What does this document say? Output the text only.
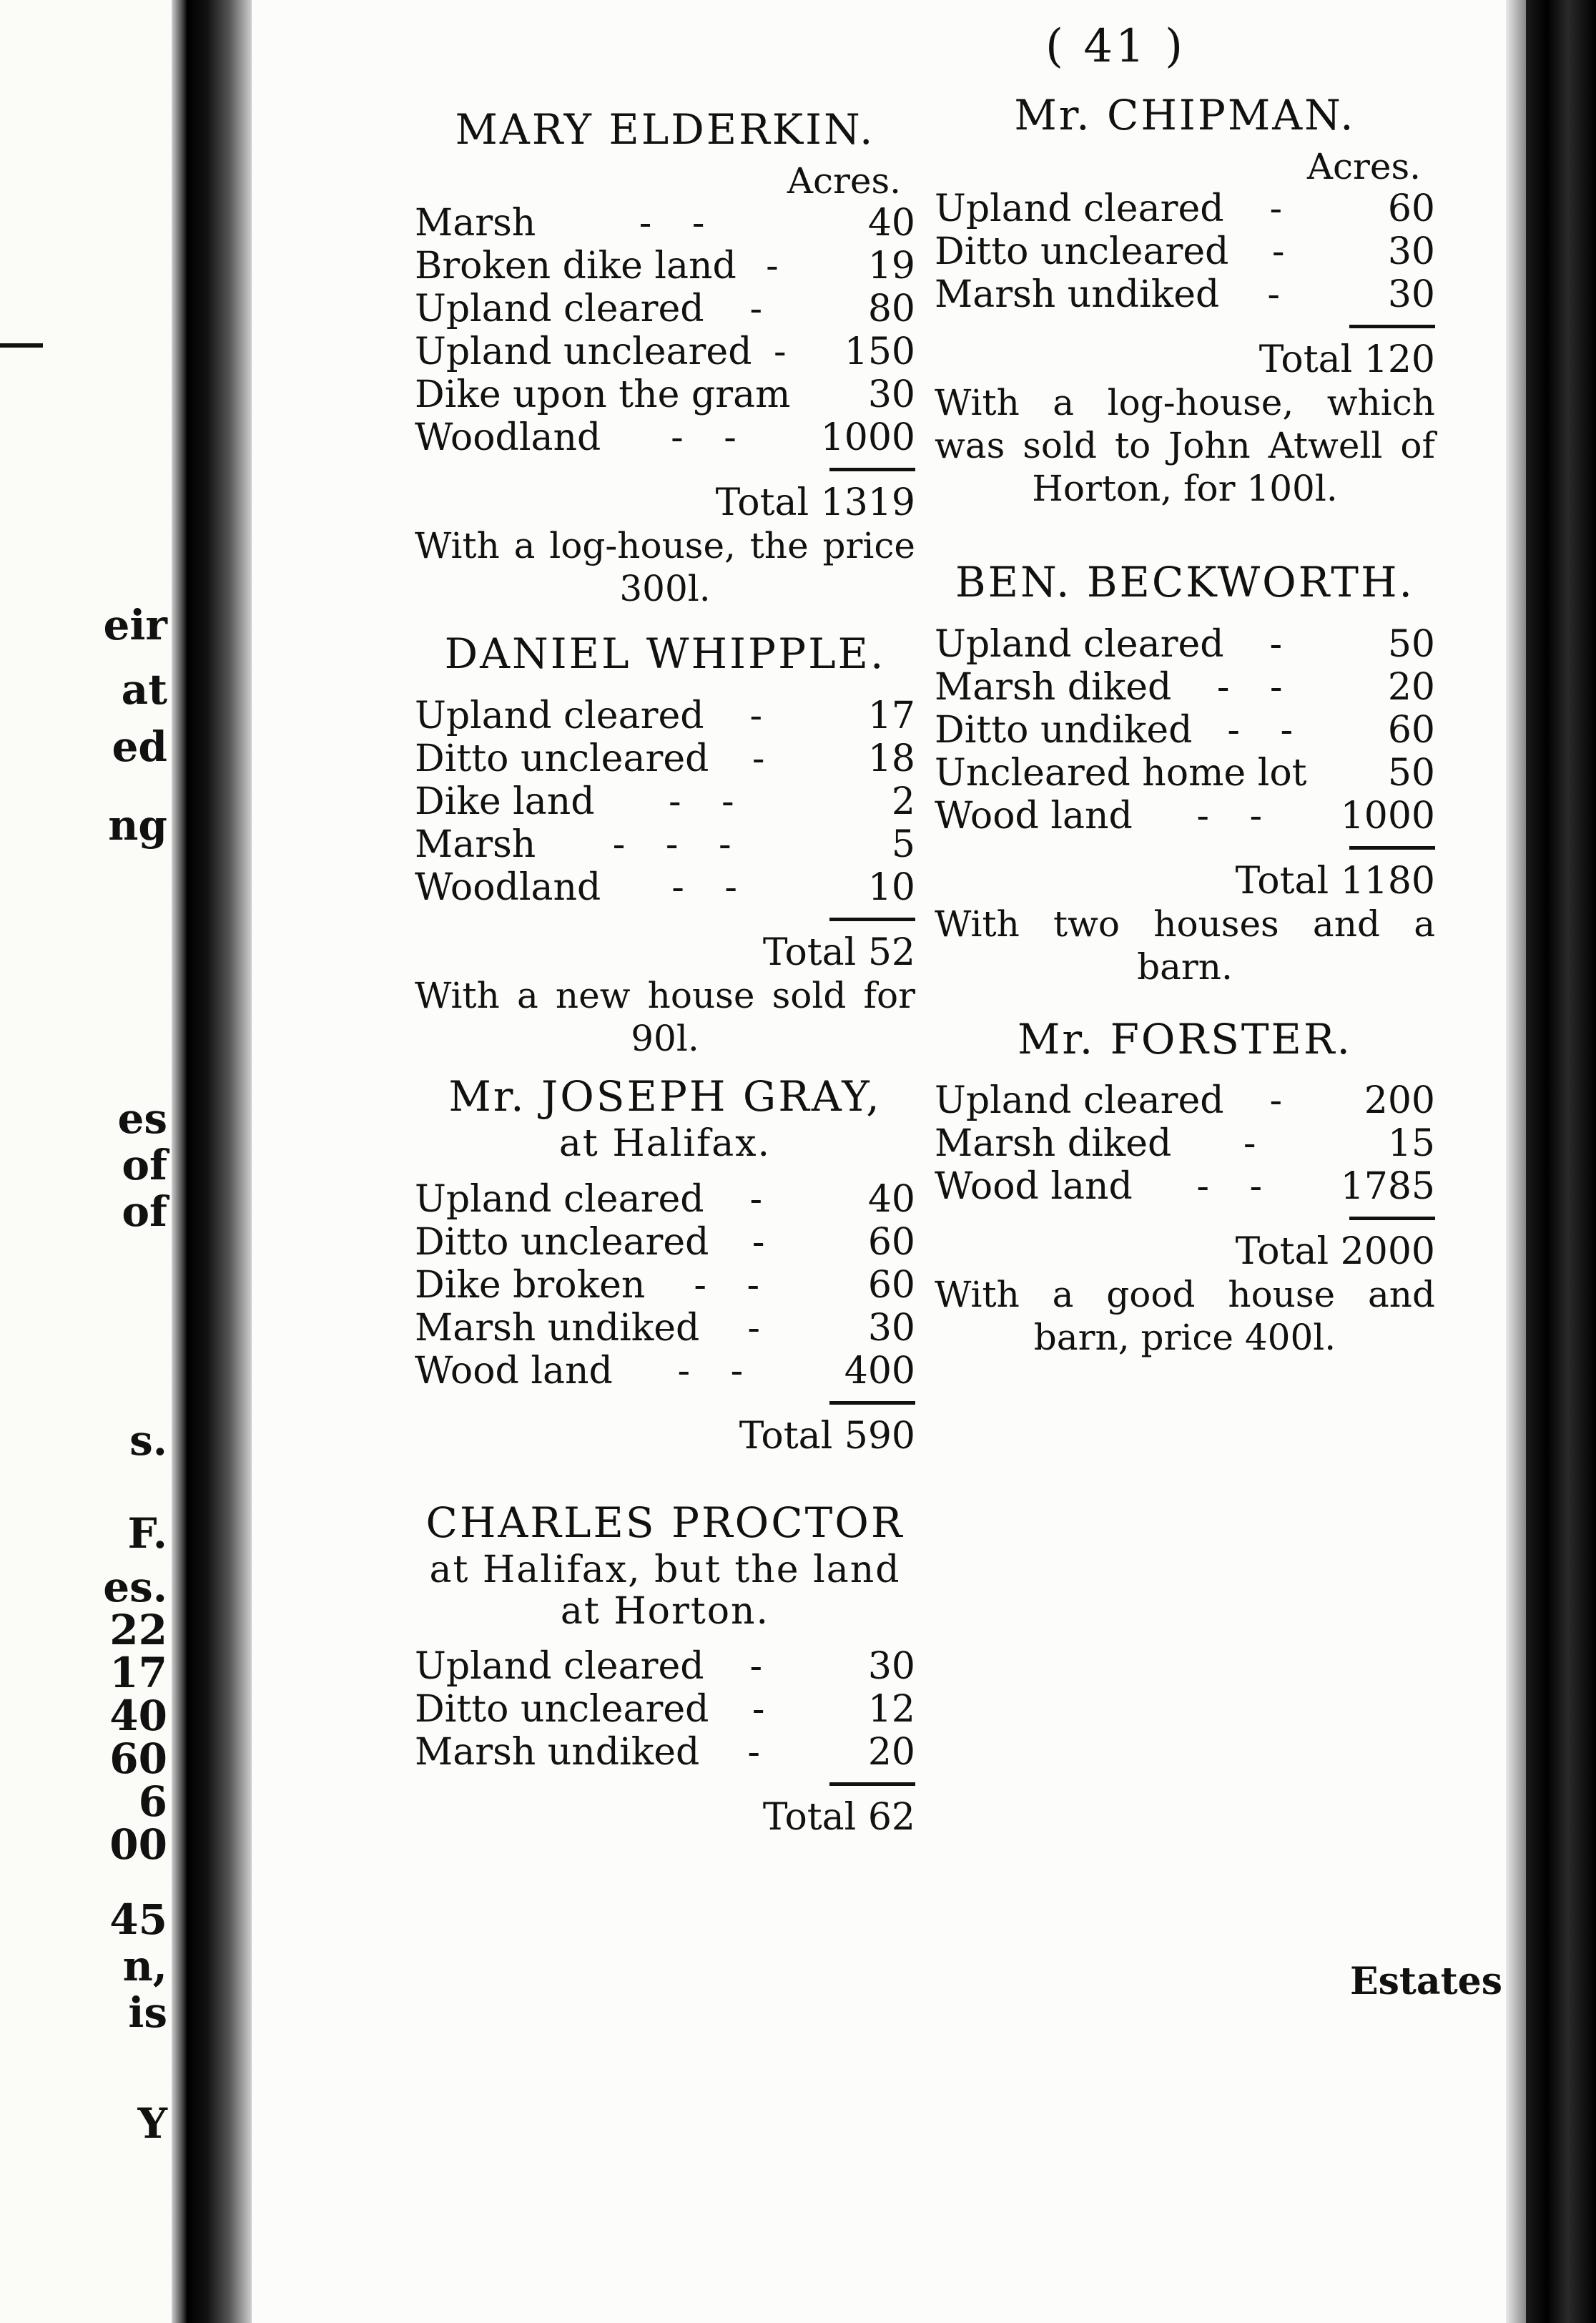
eir
at
ed
ng
es
of
of
s.
F.
es.
22
17
40
60
6
00
45
n,
is
Y
( 41 )
MARY ELDERKIN.
Acres.
Marsh	- -	40
Broken dike land -	19
Upland cleared	-	80
Upland uncleared -	150
Dike upon the gram	30
Woodland	- -	1000
Total 1319
With a log-house, the price 300l.
DANIEL WHIPPLE.
Upland cleared	-	17
Ditto uncleared	-	18
Dike land	- -	2
Marsh	- - -	5
Woodland	- -	10
Total 52
With a new house sold for 90l.
Mr. JOSEPH GRAY,
at Halifax.
Upland cleared	-	40
Ditto uncleared	-	60
Dike broken	- -	60
Marsh undiked	-	30
Wood land	- -	400
Total 590
CHARLES PROCTOR
at Halifax, but the land at Horton.
Upland cleared	-	30
Ditto uncleared	-	12
Marsh undiked	-	20
Total 62
Mr. CHIPMAN.
Acres.
Upland cleared	-	60
Ditto uncleared	-	30
Marsh undiked	-	30
Total 120
With a log-house, which was sold to John Atwell of Horton, for 100l.
BEN. BECKWORTH.
Upland cleared	-	50
Marsh diked	- -	20
Ditto undiked - -	60
Uncleared home lot	50
Wood land	- -	1000
Total 1180
With two houses and a barn.
Mr. FORSTER.
Upland cleared	-	200
Marsh diked	-	15
Wood land	- -	1785
Total 2000
With a good house and barn, price 400l.
Estates
